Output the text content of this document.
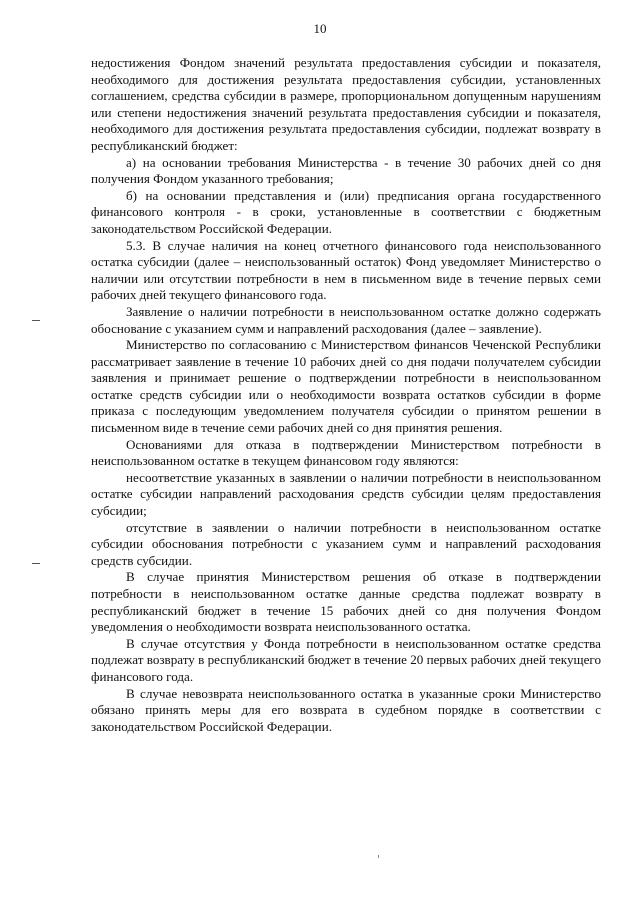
10

недостижения Фондом значений результата предоставления субсидии и показателя, необходимого для достижения результата предоставления субсидии, установленных соглашением, средства субсидии в размере, пропорциональном допущенным нарушениям или степени недостижения значений результата предоставления субсидии и показателя, необходимого для достижения результата предоставления субсидии, подлежат возврату в республиканский бюджет:

а) на основании требования Министерства - в течение 30 рабочих дней со дня получения Фондом указанного требования;

б) на основании представления и (или) предписания органа государственного финансового контроля - в сроки, установленные в соответствии с бюджетным законодательством Российской Федерации.

5.3. В случае наличия на конец отчетного финансового года неиспользованного остатка субсидии (далее – неиспользованный остаток) Фонд уведомляет Министерство о наличии или отсутствии потребности в нем в письменном виде в течение первых семи рабочих дней текущего финансового года.

Заявление о наличии потребности в неиспользованном остатке должно содержать обоснование с указанием сумм и направлений расходования (далее – заявление).

Министерство по согласованию с Министерством финансов Чеченской Республики рассматривает заявление в течение 10 рабочих дней со дня подачи получателем субсидии заявления и принимает решение о подтверждении потребности в неиспользованном остатке средств субсидии или о необходимости возврата остатков субсидии в форме приказа с последующим уведомлением получателя субсидии о принятом решении в письменном виде в течение семи рабочих дней со дня принятия решения.

Основаниями для отказа в подтверждении Министерством потребности в неиспользованном остатке в текущем финансовом году являются:

несоответствие указанных в заявлении о наличии потребности в неиспользованном остатке субсидии направлений расходования средств субсидии целям предоставления субсидии;

отсутствие в заявлении о наличии потребности в неиспользованном остатке субсидии обоснования потребности с указанием сумм и направлений расходования средств субсидии.

В случае принятия Министерством решения об отказе в подтверждении потребности в неиспользованном остатке данные средства подлежат возврату в республиканский бюджет в течение 15 рабочих дней со дня получения Фондом уведомления о необходимости возврата неиспользованного остатка.

В случае отсутствия у Фонда потребности в неиспользованном остатке средства подлежат возврату в республиканский бюджет в течение 20 первых рабочих дней текущего финансового года.

В случае невозврата неиспользованного остатка в указанные сроки Министерство обязано принять меры для его возврата в судебном порядке в соответствии с законодательством Российской Федерации.
